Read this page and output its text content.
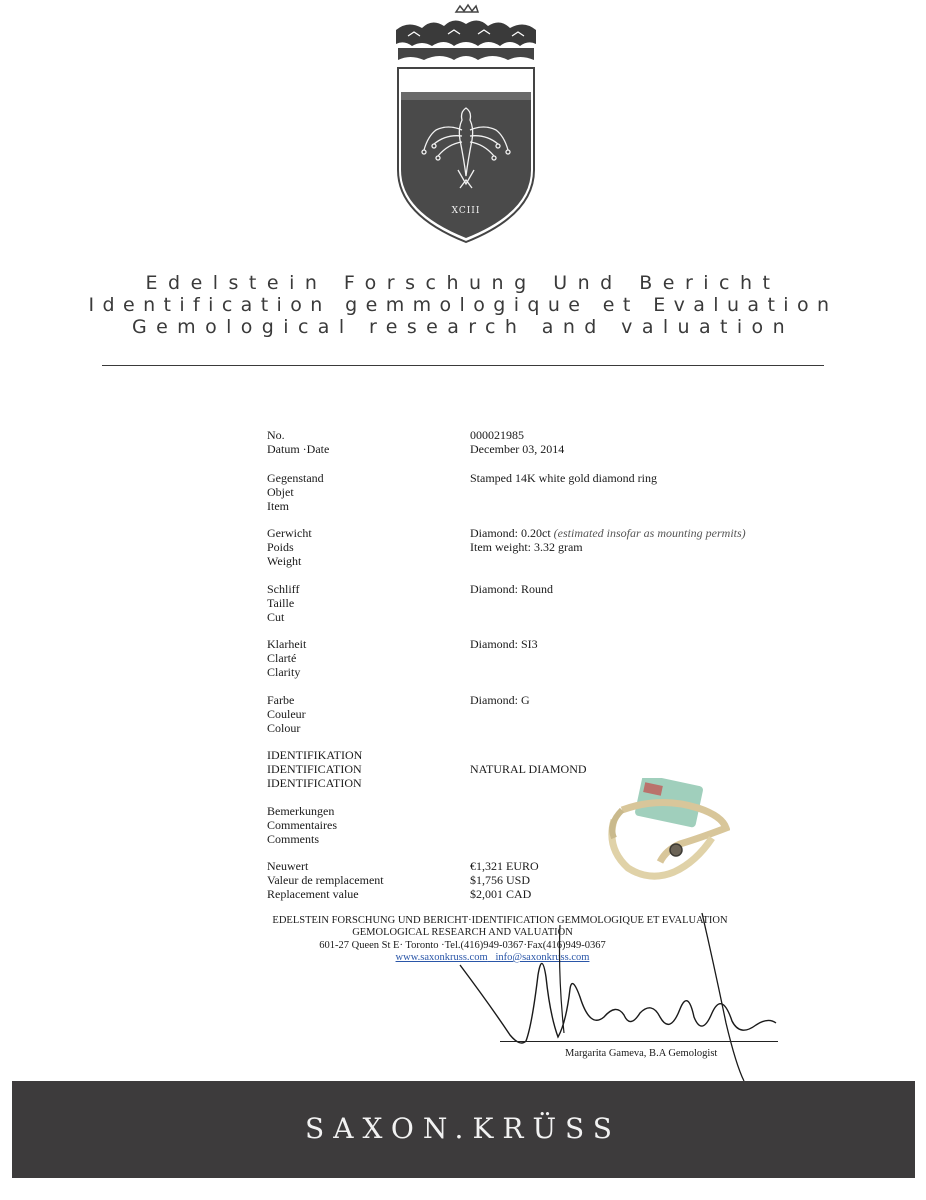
XCIII
Edelstein Forschung Und Bericht
Identification gemmologique et Evaluation
Gemological research and valuation
No.
Datum ·Date
000021985
December 03, 2014
Gegenstand
Objet
Item
Stamped 14K white gold diamond ring
Gerwicht
Poids
Weight
Diamond: 0.20ct (estimated insofar as mounting permits)
Item weight: 3.32 gram
Schliff
Taille
Cut
Diamond: Round
Klarheit
Clarté
Clarity
Diamond: SI3
Farbe
Couleur
Colour
Diamond: G
IDENTIFIKATION
IDENTIFICATION
IDENTIFICATION
NATURAL DIAMOND
Bemerkungen
Commentaires
Comments
Neuwert
Valeur de remplacement
Replacement value
€1,321 EURO
$1,756 USD
$2,001 CAD
EDELSTEIN FORSCHUNG UND BERICHT·IDENTIFICATION GEMMOLOGIQUE ET EVALUATION
GEMOLOGICAL RESEARCH AND VALUATION
601-27 Queen St E· Toronto ·Tel.(416)949-0367·Fax(416)949-0367
www.saxonkruss.com info@saxonkruss.com
Margarita Gameva, B.A Gemologist
SAXON.KRÜSS
